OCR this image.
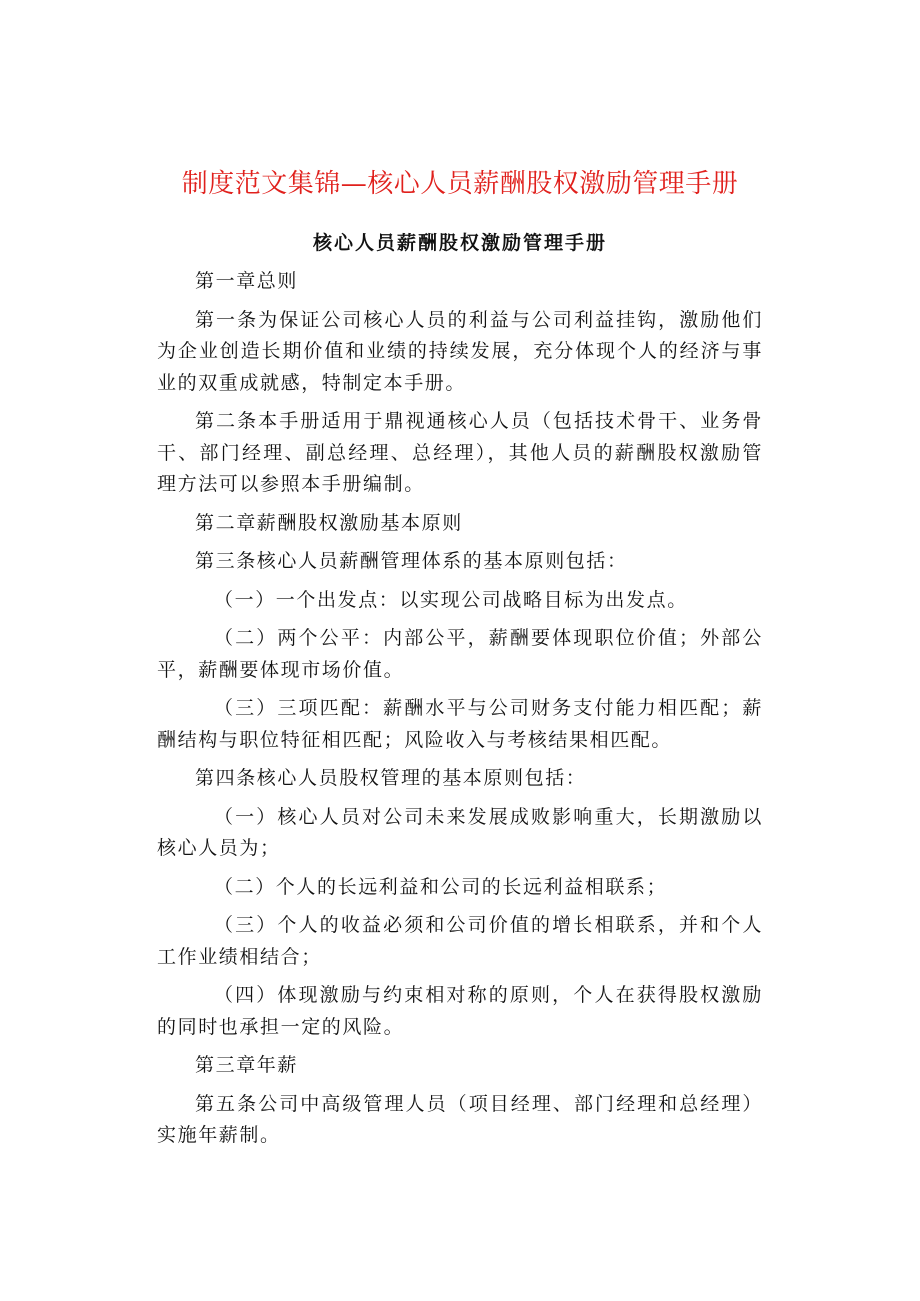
制度范文集锦—核心人员薪酬股权激励管理手册
核心人员薪酬股权激励管理手册

第一章总则

第一条为保证公司核心人员的利益与公司利益挂钩，激励他们为企业创造长期价值和业绩的持续发展，充分体现个人的经济与事业的双重成就感，特制定本手册。

第二条本手册适用于鼎视通核心人员（包括技术骨干、业务骨干、部门经理、副总经理、总经理），其他人员的薪酬股权激励管理方法可以参照本手册编制。

第二章薪酬股权激励基本原则

第三条核心人员薪酬管理体系的基本原则包括：

（一）一个出发点：以实现公司战略目标为出发点。

（二）两个公平：内部公平，薪酬要体现职位价值；外部公平，薪酬要体现市场价值。

（三）三项匹配：薪酬水平与公司财务支付能力相匹配；薪酬结构与职位特征相匹配；风险收入与考核结果相匹配。

第四条核心人员股权管理的基本原则包括：

（一）核心人员对公司未来发展成败影响重大，长期激励以核心人员为；

（二）个人的长远利益和公司的长远利益相联系；

（三）个人的收益必须和公司价值的增长相联系，并和个人工作业绩相结合；

（四）体现激励与约束相对称的原则，个人在获得股权激励的同时也承担一定的风险。

第三章年薪

第五条公司中高级管理人员（项目经理、部门经理和总经理）实施年薪制。
